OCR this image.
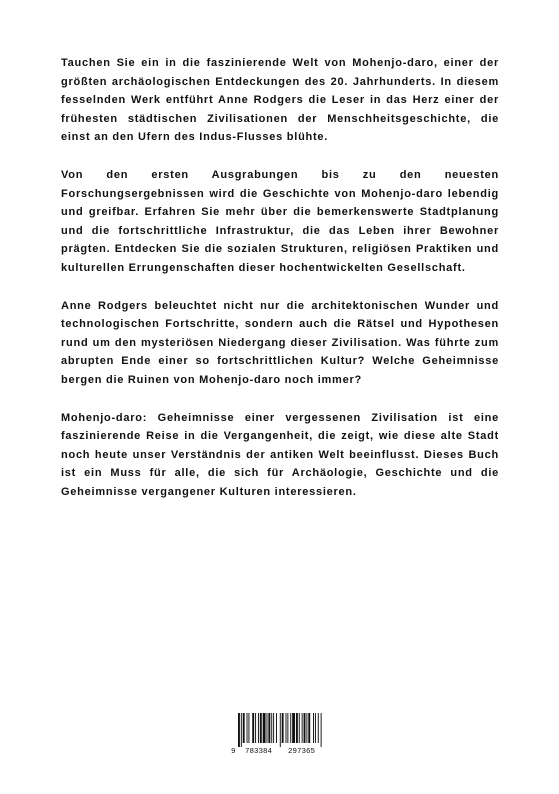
Tauchen Sie ein in die faszinierende Welt von Mohenjo-daro, einer der größten archäologischen Entdeckungen des 20. Jahrhunderts. In diesem fesselnden Werk entführt Anne Rodgers die Leser in das Herz einer der frühesten städtischen Zivilisationen der Menschheitsgeschichte, die einst an den Ufern des Indus-Flusses blühte.

Von den ersten Ausgrabungen bis zu den neuesten Forschungsergebnissen wird die Geschichte von Mohenjo-daro lebendig und greifbar. Erfahren Sie mehr über die bemerkenswerte Stadtplanung und die fortschrittliche Infrastruktur, die das Leben ihrer Bewohner prägten. Entdecken Sie die sozialen Strukturen, religiösen Praktiken und kulturellen Errungenschaften dieser hochentwickelten Gesellschaft.

Anne Rodgers beleuchtet nicht nur die architektonischen Wunder und technologischen Fortschritte, sondern auch die Rätsel und Hypothesen rund um den mysteriösen Niedergang dieser Zivilisation. Was führte zum abrupten Ende einer so fortschrittlichen Kultur? Welche Geheimnisse bergen die Ruinen von Mohenjo-daro noch immer?

Mohenjo-daro: Geheimnisse einer vergessenen Zivilisation ist eine faszinierende Reise in die Vergangenheit, die zeigt, wie diese alte Stadt noch heute unser Verständnis der antiken Welt beeinflusst. Dieses Buch ist ein Muss für alle, die sich für Archäologie, Geschichte und die Geheimnisse vergangener Kulturen interessieren.

9 783384 297365
